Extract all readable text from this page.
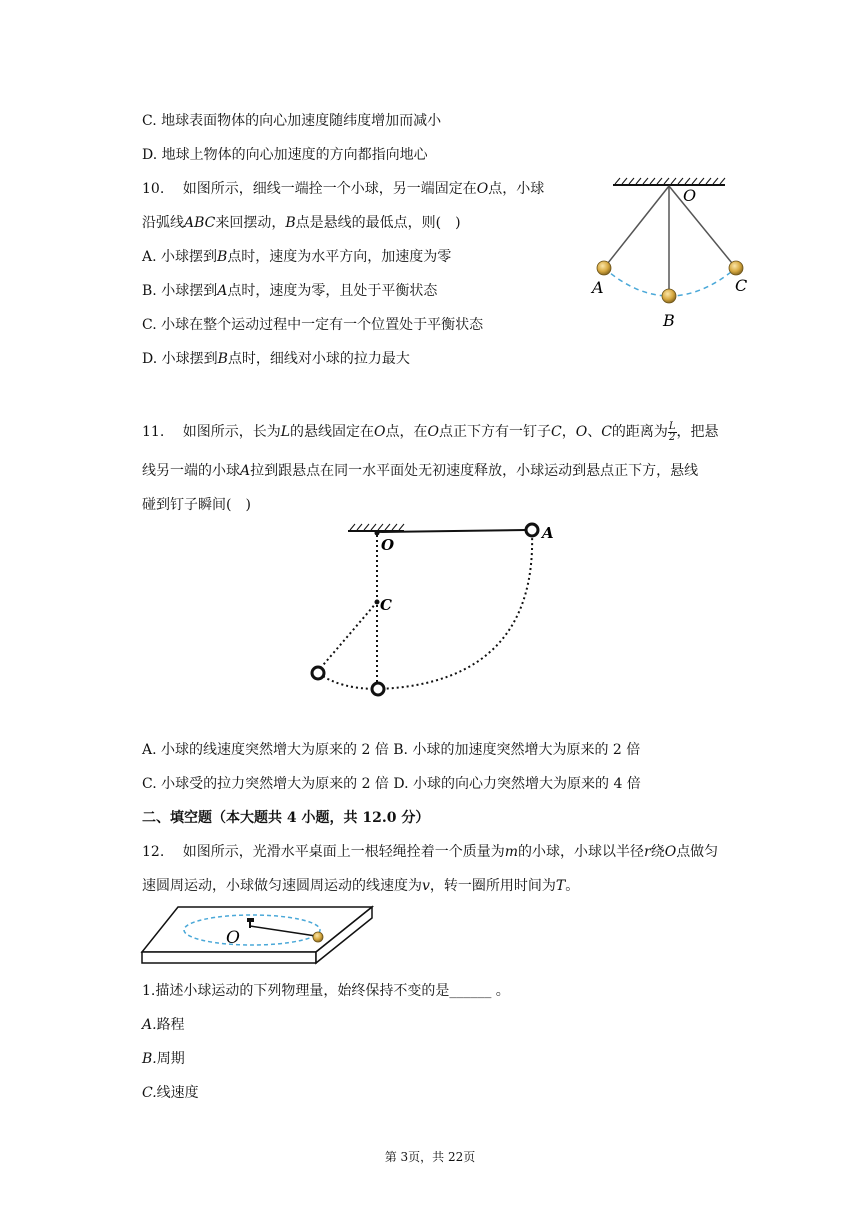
C. 地球表面物体的向心加速度随纬度增加而减小
D. 地球上物体的向心加速度的方向都指向地心
10.　 如图所示，细线一端拴一个小球，另一端固定在O点，小球
沿弧线ABC来回摆动，B点是悬线的最低点，则(　)
A. 小球摆到B点时，速度为水平方向，加速度为零
B. 小球摆到A点时，速度为零，且处于平衡状态
C. 小球在整个运动过程中一定有一个位置处于平衡状态
D. 小球摆到B点时，细线对小球的拉力最大
O
A
B
C
11.　 如图所示，长为L的悬线固定在O点，在O点正下方有一钉子C，O、C的距离为 $\frac{L}{2}$ ，把悬
线另一端的小球A拉到跟悬点在同一水平面处无初速度释放，小球运动到悬点正下方，悬线
碰到钉子瞬间(　)
O
C
A
A. 小球的线速度突然增大为原来的 2 倍 B. 小球的加速度突然增大为原来的 2 倍
C. 小球受的拉力突然增大为原来的 2 倍 D. 小球的向心力突然增大为原来的 4 倍
二、填空题（本大题共 4 小题，共 12.0 分）
12.　 如图所示，光滑水平桌面上一根轻绳拴着一个质量为m的小球，小球以半径r绕O点做匀
速圆周运动，小球做匀速圆周运动的线速度为v，转一圈所用时间为T。
O
1.描述小球运动的下列物理量，始终保持不变的是______ 。
A.路程
B.周期
C.线速度
第 3页，共 22页
